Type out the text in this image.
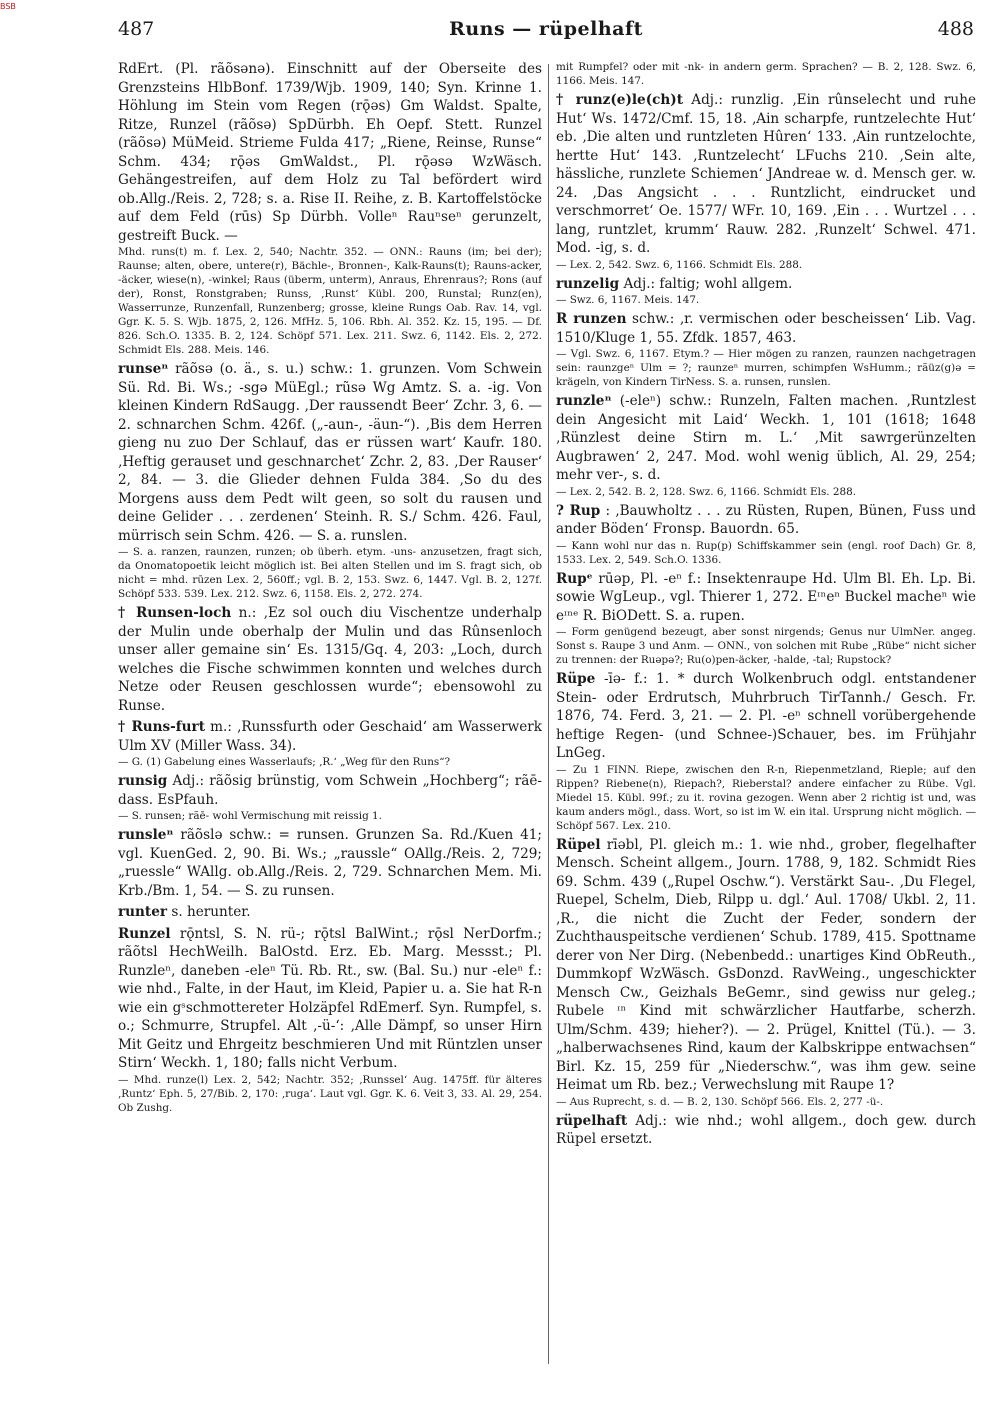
BSB
487	Runs — rüpelhaft	488

RdErt. (Pl. rãõsənə). Einschnitt auf der Oberseite des Grenzsteins HlbBonf. 1739/Wjb. 1909, 140; Syn. Krinne 1. Höhlung im Stein vom Regen (rǭəs) Gm Waldst. Spalte, Ritze, Runzel (rãõsə) SpDürbh. Eh Oepf. Stett. Runzel (rãõsə) MüMeid. Strieme Fulda 417; „Riene, Reinse, Runse“ Schm. 434; rǭəs GmWaldst., Pl. rǭəsə WzWäsch. Gehängestreifen, auf dem Holz zu Tal befördert wird ob.Allg./Reis. 2, 728; s. a. Rise II. Reihe, z. B. Kartoffelstöcke auf dem Feld (rūs) Sp Dürbh. Volleⁿ Rauⁿseⁿ gerunzelt, gestreift Buck. —
Mhd. runs(t) m. f. Lex. 2, 540; Nachtr. 352. — ONN.: Rauns (im; bei der); Raunse; alten, obere, untere(r), Bächle-, Bronnen-, Kalk-Rauns(t); Rauns-acker, -äcker, wiese(n), -winkel; Raus (überm, unterm), Anraus, Ehrenraus?; Rons (auf der), Ronst, Ronstgraben; Runss, ‚Runst‘ Kübl. 200, Runstal; Runz(en), Wasserrunze, Runzenfall, Runzenberg; grosse, kleine Rungs Oab. Rav. 14, vgl. Ggr. K. 5. S. Wjb. 1875, 2, 126. MfHz. 5, 106. Rbh. Al. 352. Kz. 15, 195. — Df. 826. Sch.O. 1335. B. 2, 124. Schöpf 571. Lex. 211. Swz. 6, 1142. Els. 2, 272. Schmidt Els. 288. Meis. 146.

runseⁿ rãõsə (o. ä., s. u.) schw.: 1. grunzen. Vom Schwein Sü. Rd. Bi. Ws.; -sgə MüEgl.; rũsə Wg Amtz. S. a. -ig. Von kleinen Kindern RdSaugg. ‚Der raussendt Beer‘ Zchr. 3, 6. — 2. schnarchen Schm. 426f. („-aun-, -äun-“). ‚Bis dem Herren gieng nu zuo Der Schlauf, das er rüssen wart‘ Kaufr. 180. ‚Heftig gerauset und geschnarchet‘ Zchr. 2, 83. ‚Der Rauser‘ 2, 84. — 3. die Glieder dehnen Fulda 384. ‚So du des Morgens auss dem Pedt wilt geen, so solt du rausen und deine Gelider . . . zerdenen‘ Steinh. R. S./ Schm. 426. Faul, mürrisch sein Schm. 426. — S. a. runslen.
— S. a. ranzen, raunzen, runzen; ob überh. etym. -uns- anzusetzen, fragt sich, da Onomatopoetik leicht möglich ist. Bei alten Stellen und im S. fragt sich, ob nicht = mhd. rūzen Lex. 2, 560ff.; vgl. B. 2, 153. Swz. 6, 1447. Vgl. B. 2, 127f. Schöpf 533. 539. Lex. 212. Swz. 6, 1158. Els. 2, 272. 274.

† Runsen-loch n.: ‚Ez sol ouch diu Vischentze underhalp der Mulin unde oberhalp der Mulin und das Rûnsenloch unser aller gemaine sin‘ Es. 1315/Gq. 4, 203: „Loch, durch welches die Fische schwimmen konnten und welches durch Netze oder Reusen geschlossen wurde“; ebensowohl zu Runse.

† Runs-furt m.: ‚Runssfurth oder Geschaid‘ am Wasserwerk Ulm XV (Miller Wass. 34).
— G. (1) Gabelung eines Wasserlaufs; ‚R.‘ „Weg für den Runs“?

runsig Adj.: rãõsig brünstig, vom Schwein „Hochberg“; rãē- dass. EsPfauh.
— S. runsen; rãē- wohl Vermischung mit reissig 1.

runsleⁿ rãõslə schw.: = runsen. Grunzen Sa. Rd./Kuen 41; vgl. KuenGed. 2, 90. Bi. Ws.; „raussle“ OAllg./Reis. 2, 729; „ruessle“ WAllg. ob.Allg./Reis. 2, 729. Schnarchen Mem. Mi. Krb./Bm. 1, 54. — S. zu runsen.

runter s. herunter.

Runzel rǭntsl, S. N. rü-; rǭtsl BalWint.; rǭsl NerDorfm.; rãõtsl HechWeilh. BalOstd. Erz. Eb. Marg. Messst.; Pl. Runzleⁿ, daneben -eleⁿ Tü. Rb. Rt., sw. (Bal. Su.) nur -eleⁿ f.: wie nhd., Falte, in der Haut, im Kleid, Papier u. a. Sie hat R-n wie ein gˢschmottereter Holzäpfel RdEmerf. Syn. Rumpfel, s. o.; Schmurre, Strupfel. Alt ‚-ü-‘: ‚Alle Dämpf, so unser Hirn Mit Geitz und Ehrgeitz beschmieren Und mit Rüntzlen unser Stirn‘ Weckh. 1, 180; falls nicht Verbum.
— Mhd. runze(l) Lex. 2, 542; Nachtr. 352; ‚Runssel‘ Aug. 1475ff. für älteres ‚Runtz‘ Eph. 5, 27/Bib. 2, 170: ‚ruga‘. Laut vgl. Ggr. K. 6. Veit 3, 33. Al. 29, 254. Ob Zushg.

mit Rumpfel? oder mit -nk- in andern germ. Sprachen? — B. 2, 128. Swz. 6, 1166. Meis. 147.

† runz(e)le(ch)t Adj.: runzlig. ‚Ein rûnselecht und ruhe Hut‘ Ws. 1472/Cmf. 15, 18. ‚Ain scharpfe, runtzelechte Hut‘ eb. ‚Die alten und runtzleten Hûren‘ 133. ‚Ain runtzelochte, hertte Hut‘ 143. ‚Runtzelecht‘ LFuchs 210. ‚Sein alte, hässliche, runzlete Schiemen‘ JAndreae w. d. Mensch ger. w. 24. ‚Das Angsicht . . . Runtzlicht, eindrucket und verschmorret‘ Oe. 1577/ WFr. 10, 169. ‚Ein . . . Wurtzel . . . lang, runtzlet, krumm‘ Rauw. 282. ‚Runzelt‘ Schwel. 471. Mod. -ig, s. d.
— Lex. 2, 542. Swz. 6, 1166. Schmidt Els. 288.

runzelig Adj.: faltig; wohl allgem.
— Swz. 6, 1167. Meis. 147.

R runzen schw.: ‚r. vermischen oder bescheissen‘ Lib. Vag. 1510/Kluge 1, 55. Zfdk. 1857, 463.
— Vgl. Swz. 6, 1167. Etym.? — Hier mögen zu ranzen, raunzen nachgetragen sein: raunzgeⁿ Ulm = ?; raunzeⁿ murren, schimpfen WsHumm.; rãüz(g)ə = krägeln, von Kindern TirNess. S. a. runsen, runslen.

runzleⁿ (-eleⁿ) schw.: Runzeln, Falten machen. ‚Runtzlest dein Angesicht mit Laid‘ Weckh. 1, 101 (1618; 1648 ‚Rünzlest deine Stirn m. L.‘ ‚Mit sawrgerünzelten Augbrawen‘ 2, 247. Mod. wohl wenig üblich, Al. 29, 254; mehr ver-, s. d.
— Lex. 2, 542. B. 2, 128. Swz. 6, 1166. Schmidt Els. 288.

? Rup : ‚Bauwholtz . . . zu Rüsten, Rupen, Bünen, Fuss und ander Böden‘ Fronsp. Bauordn. 65.
— Kann wohl nur das n. Rup(p) Schiffskammer sein (engl. roof Dach) Gr. 8, 1533. Lex. 2, 549. Sch.O. 1336.

Rupᵉ rūəp, Pl. -eⁿ f.: Insektenraupe Hd. Ulm Bl. Eh. Lp. Bi. sowie WgLeup., vgl. Thierer 1, 272. Eᶦⁿeⁿ Buckel macheⁿ wie eᶦⁿᵉ R. BiODett. S. a. rupen.
— Form genügend bezeugt, aber sonst nirgends; Genus nur UlmNer. angeg. Sonst s. Raupe 3 und Anm. — ONN., von solchen mit Rube „Rübe“ nicht sicher zu trennen: der Ruəpə?; Ru(o)pen-äcker, -halde, -tal; Rupstock?

Rüpe -īə- f.: 1. * durch Wolkenbruch odgl. entstandener Stein- oder Erdrutsch, Muhrbruch TirTannh./ Gesch. Fr. 1876, 74. Ferd. 3, 21. — 2. Pl. -eⁿ schnell vorübergehende heftige Regen- (und Schnee-)Schauer, bes. im Frühjahr LnGeg.
— Zu 1 FINN. Riepe, zwischen den R-n, Riepenmetzland, Rieple; auf den Rippen? Riebene(n), Riepach?, Rieberstal? andere einfacher zu Rübe. Vgl. Miedel 15. Kübl. 99f.; zu it. rovina gezogen. Wenn aber 2 richtig ist und, was kaum anders mögl., dass. Wort, so ist im W. ein ital. Ursprung nicht möglich. — Schöpf 567. Lex. 210.

Rüpel rīəbl, Pl. gleich m.: 1. wie nhd., grober, flegelhafter Mensch. Scheint allgem., Journ. 1788, 9, 182. Schmidt Ries 69. Schm. 439 („Rupel Oschw.“). Verstärkt Sau-. ‚Du Flegel, Ruepel, Schelm, Dieb, Rilpp u. dgl.‘ Aul. 1708/ Ukbl. 2, 11. ‚R., die nicht die Zucht der Feder, sondern der Zuchthauspeitsche verdienen‘ Schub. 1789, 415. Spottname derer von Ner Dirg. (Nebenbedd.: unartiges Kind ObReuth., Dummkopf WzWäsch. GsDonzd. RavWeing., ungeschickter Mensch Cw., Geizhals BeGemr., sind gewiss nur geleg.; Rubele ᶦⁿ Kind mit schwärzlicher Hautfarbe, scherzh. Ulm/Schm. 439; hieher?). — 2. Prügel, Knittel (Tü.). — 3. „halberwachsenes Rind, kaum der Kalbskrippe entwachsen“ Birl. Kz. 15, 259 für „Niederschw.“, was ihm gew. seine Heimat um Rb. bez.; Verwechslung mit Raupe 1?
— Aus Ruprecht, s. d. — B. 2, 130. Schöpf 566. Els. 2, 277 -ü-.

rüpelhaft Adj.: wie nhd.; wohl allgem., doch gew. durch Rüpel ersetzt.
